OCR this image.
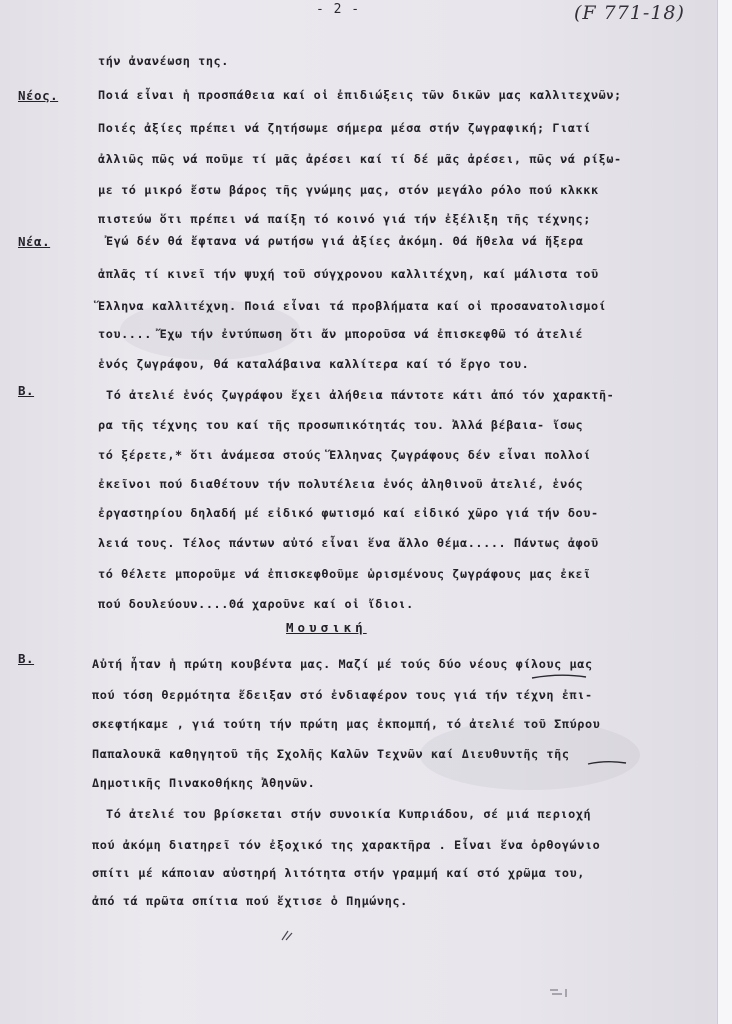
- 2 -	(F 771-18)
Νέος.
Νέα.
Β.
Β.
τήν ἀνανέωση της.
Ποιά εἶναι ἡ προσπάθεια καί οἱ ἐπιδιώξεις τῶν δικῶν μας καλλιτεχνῶν;
Ποιές ἀξίες πρέπει νά ζητήσωμε σήμερα μέσα στήν ζωγραφική; Γιατί
ἀλλιῶς πῶς νά ποῦμε τί μᾶς ἀρέσει καί τί δέ μᾶς ἀρέσει, πῶς νά ρίξω-
με τό μικρό ἔστω βάρος τῆς γνώμης μας, στόν μεγάλο ρόλο πού κλκκκ
πιστεύω ὅτι πρέπει νά παίξη τό κοινό γιά τήν ἐξέλιξη τῆς τέχνης;
Ἐγώ δέν θά ἔφτανα νά ρωτήσω γιά ἀξίες ἀκόμη. Θά ἤθελα νά ἤξερα
ἁπλᾶς τί κινεῖ τήν ψυχή τοῦ σύγχρονου καλλιτέχνη, καί μάλιστα τοῦ
Ἕλληνα καλλιτέχνη. Ποιά εἶναι τά προβλήματα καί οἱ προσανατολισμοί
του.... Ἔχω τήν ἐντύπωση ὅτι ἄν μποροῦσα νά ἐπισκεφθῶ τό ἀτελιέ
ἑνός ζωγράφου, θά καταλάβαινα καλλίτερα καί τό ἔργο του.
Τό ἀτελιέ ἑνός ζωγράφου ἔχει ἀλήθεια πάντοτε κάτι ἀπό τόν χαρακτῆ-
ρα τῆς τέχνης του καί τῆς προσωπικότητάς του. Ἀλλά βέβαια- ἴσως
τό ξέρετε,* ὅτι ἀνάμεσα στούς Ἕλληνας ζωγράφους δέν εἶναι πολλοί
ἐκεῖνοι πού διαθέτουν τήν πολυτέλεια ἑνός ἀληθινοῦ ἀτελιέ, ἑνός
ἐργαστηρίου δηλαδή μέ εἰδικό φωτισμό καί εἰδικό χῶρο γιά τήν δου-
λειά τους. Τέλος πάντων αὐτό εἶναι ἕνα ἄλλο θέμα..... Πάντως ἀφοῦ
τό θέλετε μποροῦμε νά ἐπισκεφθοῦμε ὡρισμένους ζωγράφους μας ἐκεῖ
πού δουλεύουν....Θά χαροῦνε καί οἱ ἴδιοι.
Μουσική
Αὐτή ἦταν ἡ πρώτη κουβέντα μας. Μαζί μέ τούς δύο νέους φίλους μας
πού τόση θερμότητα ἔδειξαν στό ἐνδιαφέρον τους γιά τήν τέχνη ἐπι-
σκεφτήκαμε , γιά τούτη τήν πρώτη μας ἐκπομπή, τό ἀτελιέ τοῦ Σπύρου
Παπαλουκᾶ καθηγητοῦ τῆς Σχολῆς Καλῶν Τεχνῶν καί Διευθυντῆς τῆς
Δημοτικῆς Πινακοθήκης Ἀθηνῶν.
Τό ἀτελιέ του βρίσκεται στήν συνοικία Κυπριάδου, σέ μιά περιοχή
πού ἀκόμη διατηρεῖ τόν ἐξοχικό της χαρακτῆρα . Εἶναι ἕνα ὀρθογώνιο
σπίτι μέ κάποιαν αὐστηρή λιτότητα στήν γραμμή καί στό χρῶμα του,
ἀπό τά πρῶτα σπίτια πού ἔχτισε ὁ Πημώνης.
